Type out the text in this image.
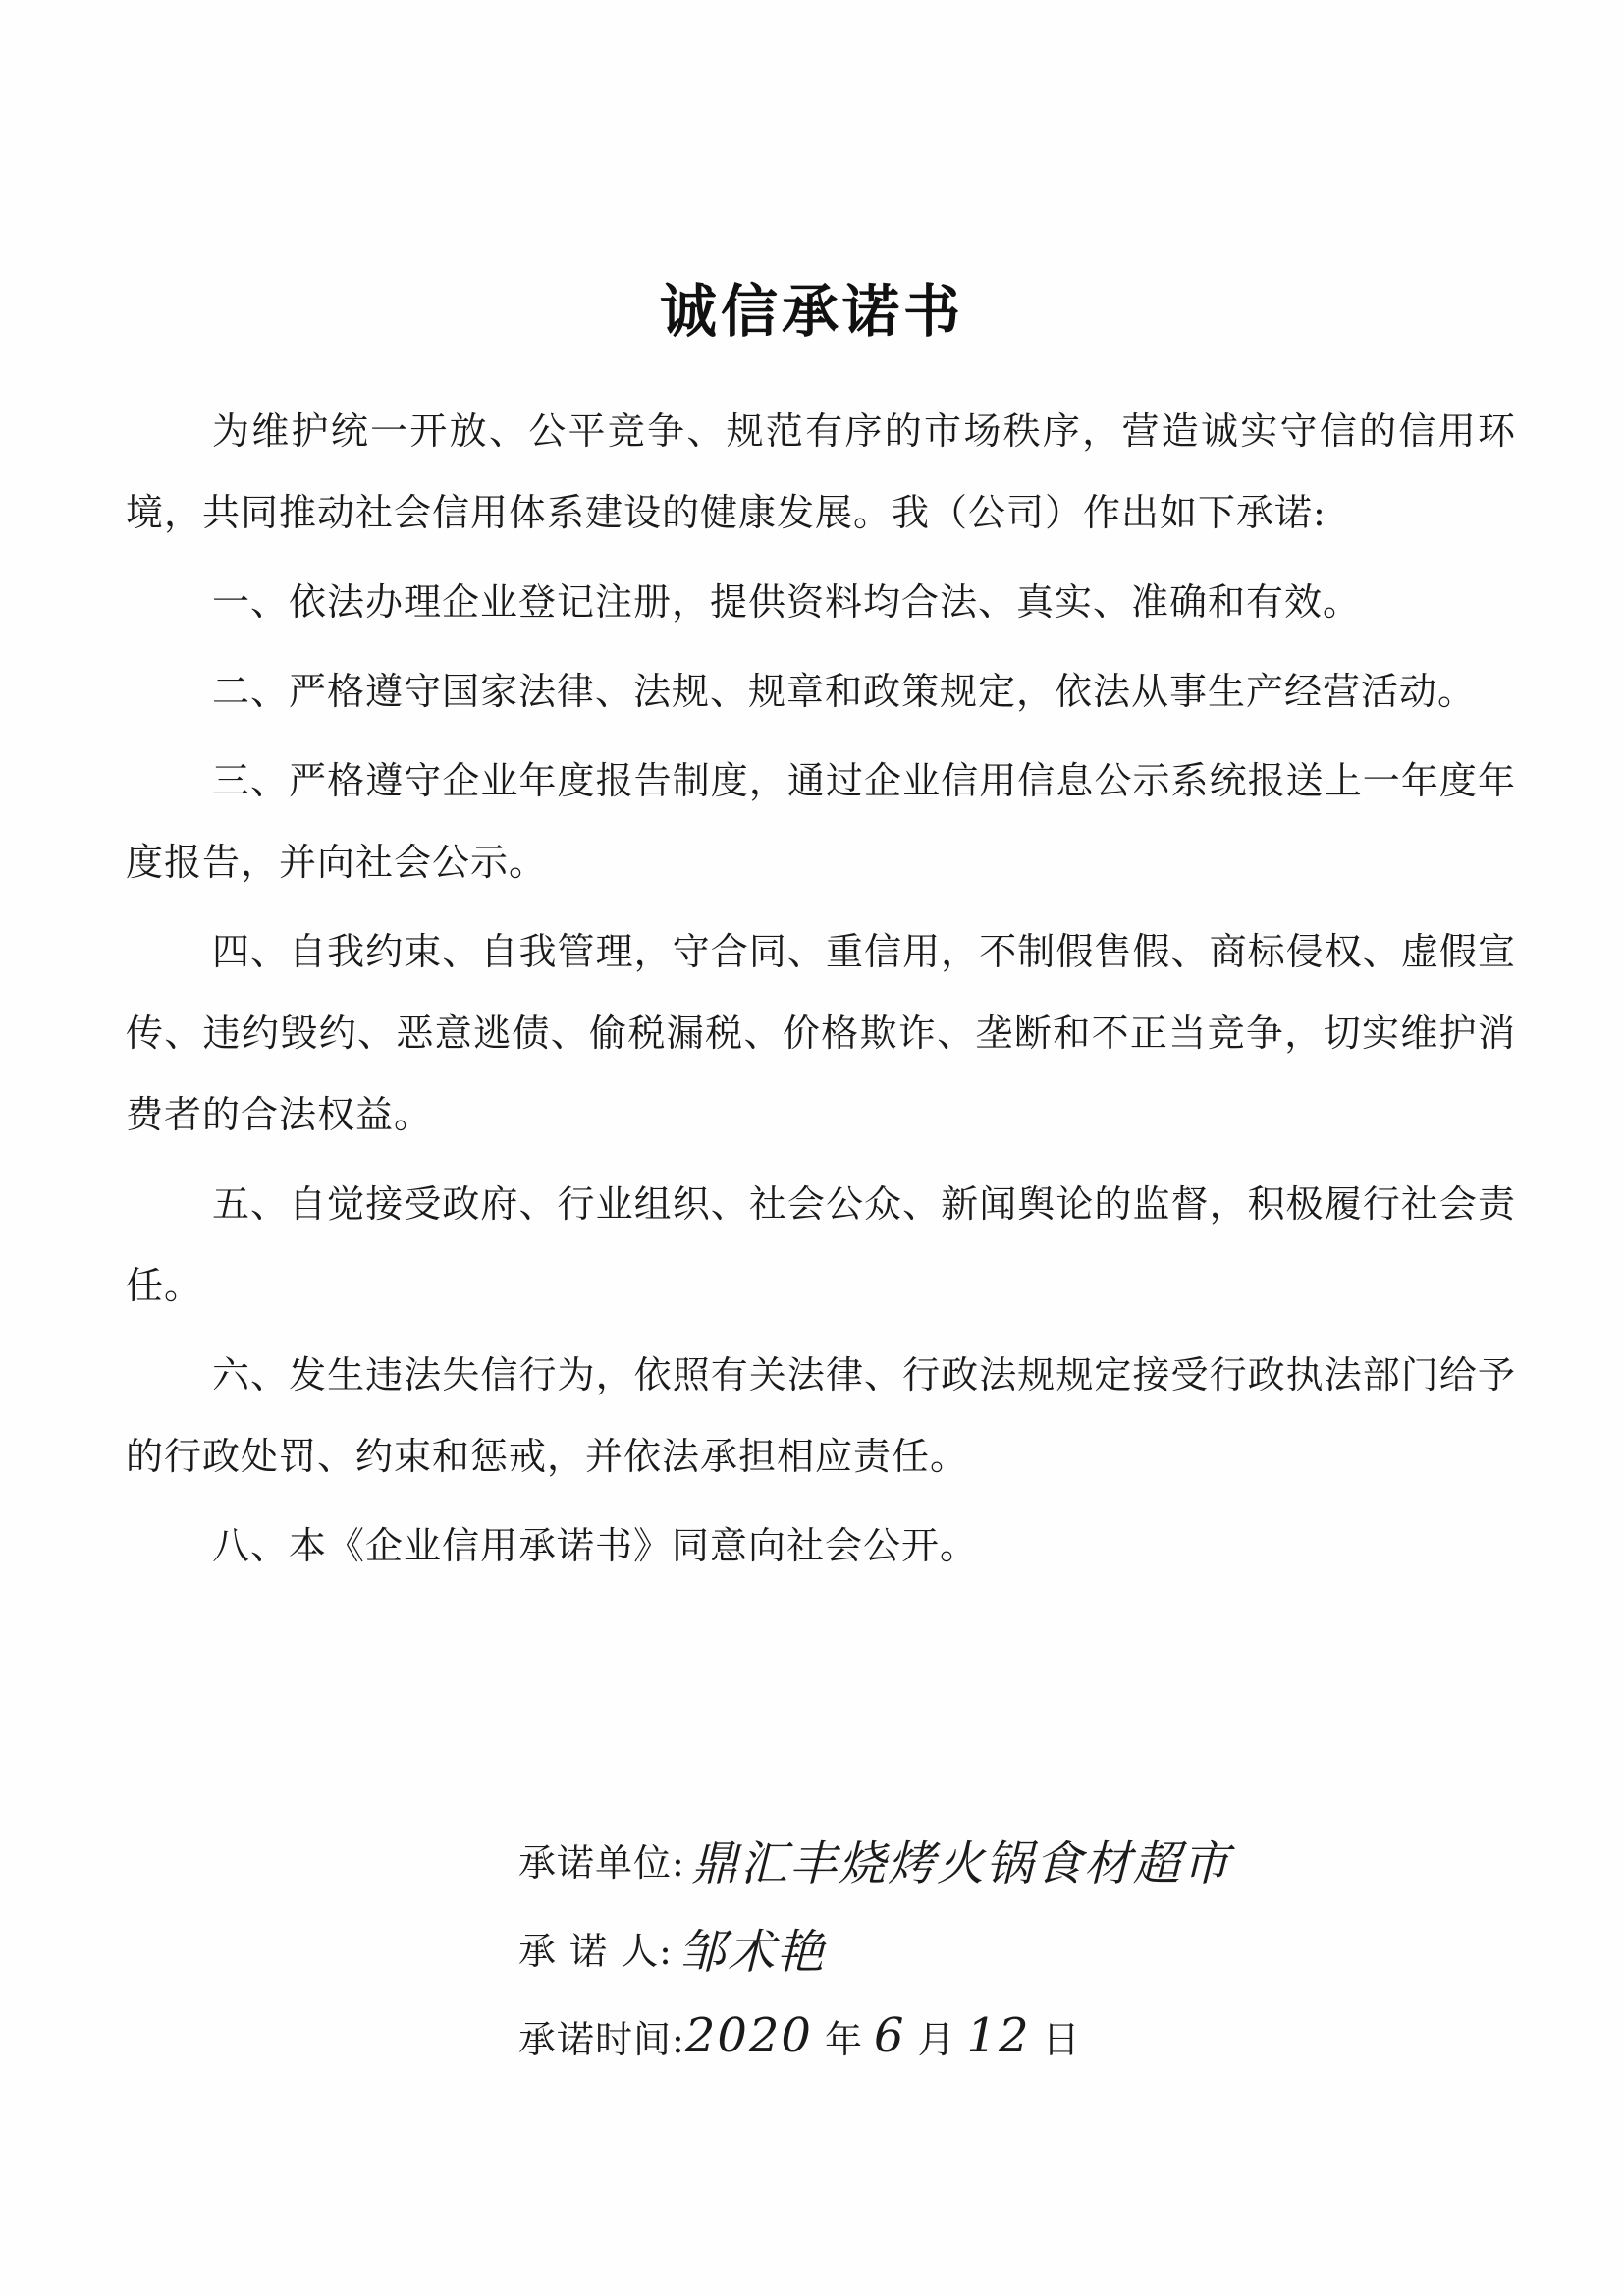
诚信承诺书

为维护统一开放、公平竞争、规范有序的市场秩序，营造诚实守信的信用环境，共同推动社会信用体系建设的健康发展。我（公司）作出如下承诺:

一、依法办理企业登记注册，提供资料均合法、真实、准确和有效。

二、严格遵守国家法律、法规、规章和政策规定，依法从事生产经营活动。

三、严格遵守企业年度报告制度，通过企业信用信息公示系统报送上一年度年度报告，并向社会公示。

四、自我约束、自我管理，守合同、重信用，不制假售假、商标侵权、虚假宣传、违约毁约、恶意逃债、偷税漏税、价格欺诈、垄断和不正当竞争，切实维护消费者的合法权益。

五、自觉接受政府、行业组织、社会公众、新闻舆论的监督，积极履行社会责任。

六、发生违法失信行为，依照有关法律、行政法规规定接受行政执法部门给予的行政处罚、约束和惩戒，并依法承担相应责任。

八、本《企业信用承诺书》同意向社会公开。

承诺单位: 鼎汇丰烧烤火锅食材超市
承 诺 人: 邹术艳
承诺时间: 2020 年 6 月 12 日
